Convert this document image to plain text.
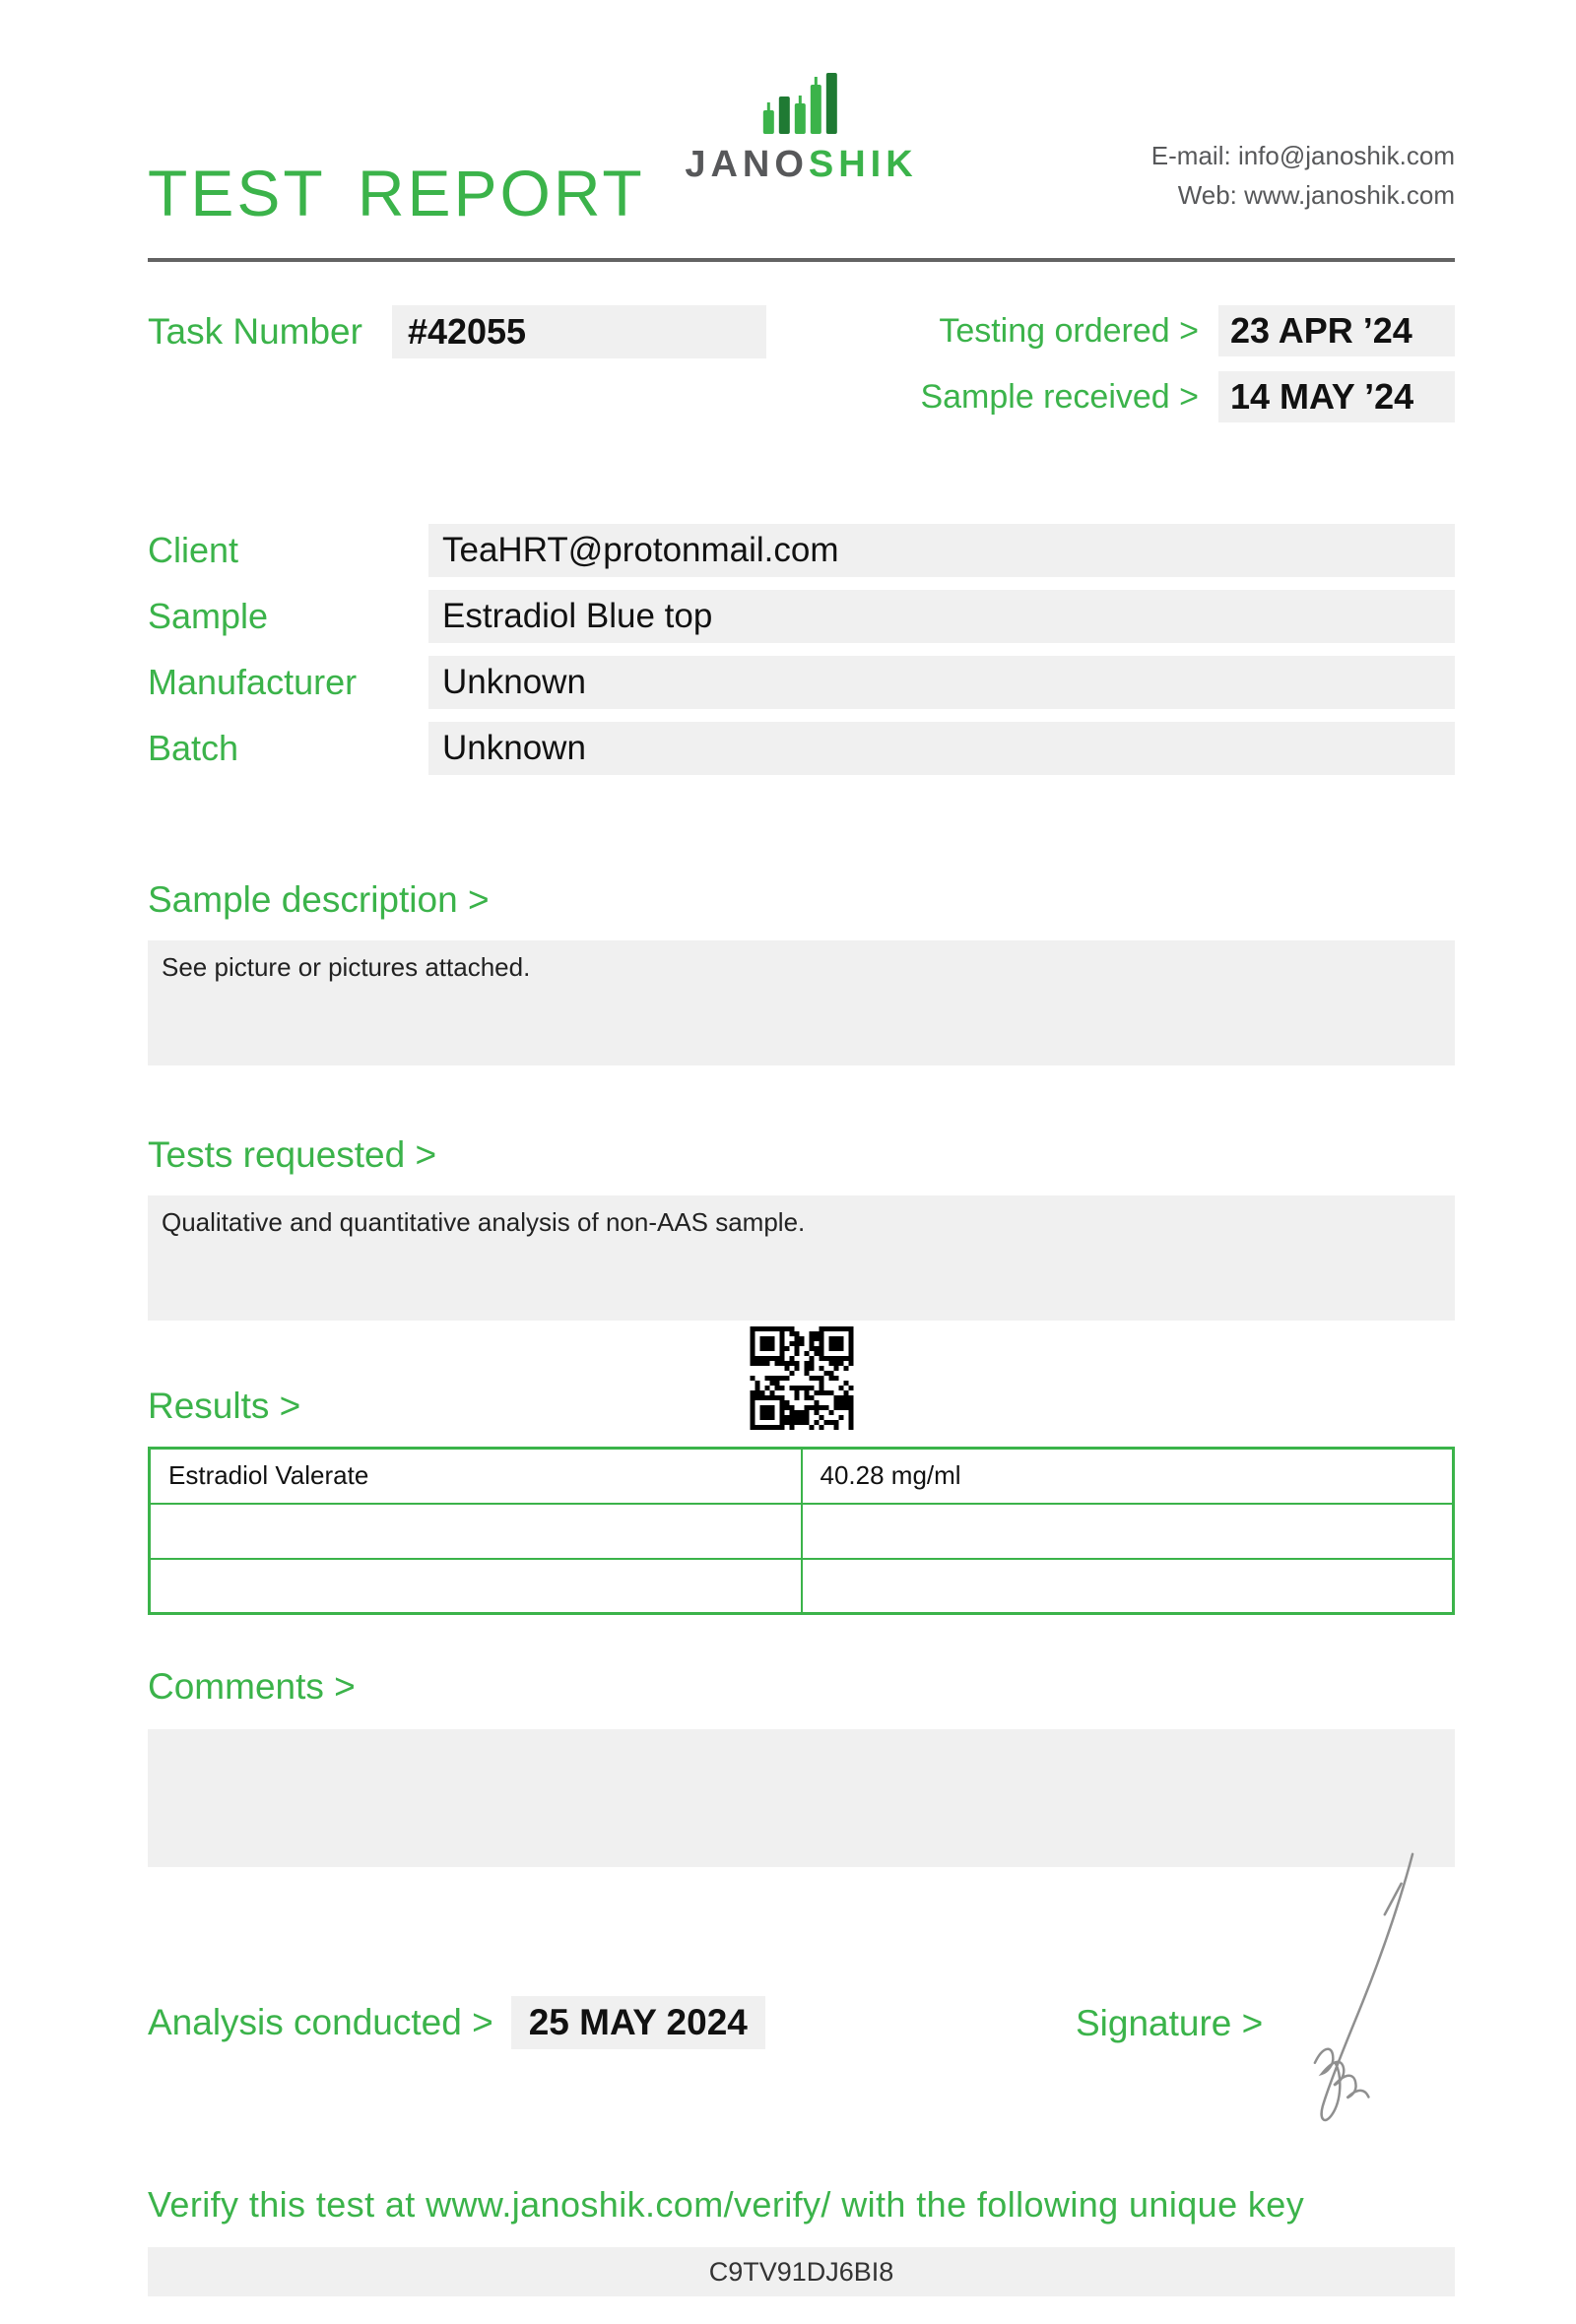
TEST REPORT JANOSHIK	E-mail: info@janoshik.com
Web: www.janoshik.com
Task Number	#42055	Testing ordered > 23 APR ’24
Sample received > 14 MAY ’24
Client	TeaHRT@protonmail.com
Sample	Estradiol Blue top
Manufacturer	Unknown
Batch	Unknown
Sample description >
See picture or pictures attached.
Tests requested >
Qualitative and quantitative analysis of non-AAS sample.
Results >
Estradiol Valerate	40.28 mg/ml

Comments >
Analysis conducted > 25 MAY 2024	Signature >
Verify this test at www.janoshik.com/verify/ with the following unique key
C9TV91DJ6BI8
